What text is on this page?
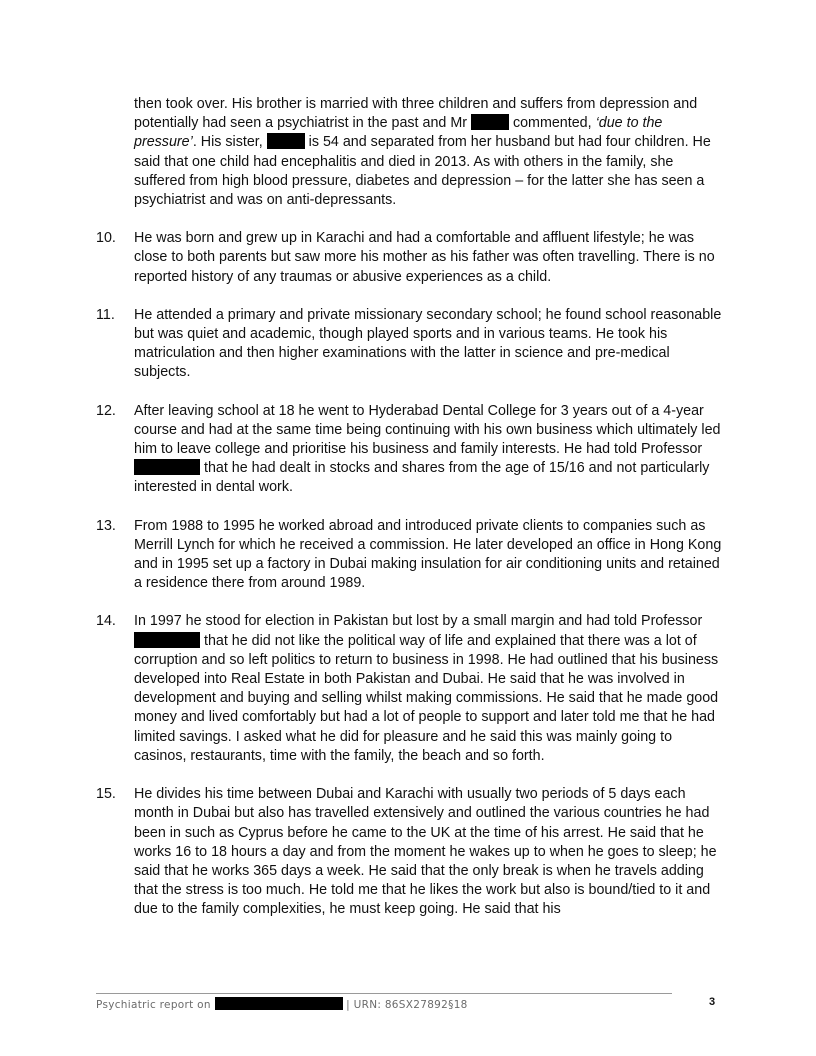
then took over. His brother is married with three children and suffers from depression and potentially had seen a psychiatrist in the past and Mr	commented, ‘due to the pressure’. His sister,	is 54 and separated from her husband but had four children. He said that one child had encephalitis and died in 2013. As with others in the family, she suffered from high blood pressure, diabetes and depression – for the latter she has seen a psychiatrist and was on anti-depressants.

10. He was born and grew up in Karachi and had a comfortable and affluent lifestyle; he was close to both parents but saw more his mother as his father was often travelling. There is no reported history of any traumas or abusive experiences as a child.

11. He attended a primary and private missionary secondary school; he found school reasonable but was quiet and academic, though played sports and in various teams. He took his matriculation and then higher examinations with the latter in science and pre-medical subjects.

12. After leaving school at 18 he went to Hyderabad Dental College for 3 years out of a 4-year course and had at the same time being continuing with his own business which ultimately led him to leave college and prioritise his business and family interests. He had told Professor  that he had dealt in stocks and shares from the age of 15/16 and not particularly interested in dental work.

13. From 1988 to 1995 he worked abroad and introduced private clients to companies such as Merrill Lynch for which he received a commission. He later developed an office in Hong Kong and in 1995 set up a factory in Dubai making insulation for air conditioning units and retained a residence there from around 1989.

14. In 1997 he stood for election in Pakistan but lost by a small margin and had told Professor  that he did not like the political way of life and explained that there was a lot of corruption and so left politics to return to business in 1998. He had outlined that his business developed into Real Estate in both Pakistan and Dubai. He said that he was involved in development and buying and selling whilst making commissions. He said that he made good money and lived comfortably but had a lot of people to support and later told me that he had limited savings. I asked what he did for pleasure and he said this was mainly going to casinos, restaurants, time with the family, the beach and so forth.

15. He divides his time between Dubai and Karachi with usually two periods of 5 days each month in Dubai but also has travelled extensively and outlined the various countries he had been in such as Cyprus before he came to the UK at the time of his arrest. He said that he works 16 to 18 hours a day and from the moment he wakes up to when he goes to sleep; he said that he works 365 days a week. He said that the only break is when he travels adding that the stress is too much. He told me that he likes the work but also is bound/tied to it and due to the family complexities, he must keep going. He said that his

Psychiatric report on	| URN: 86SX27892§18	3
